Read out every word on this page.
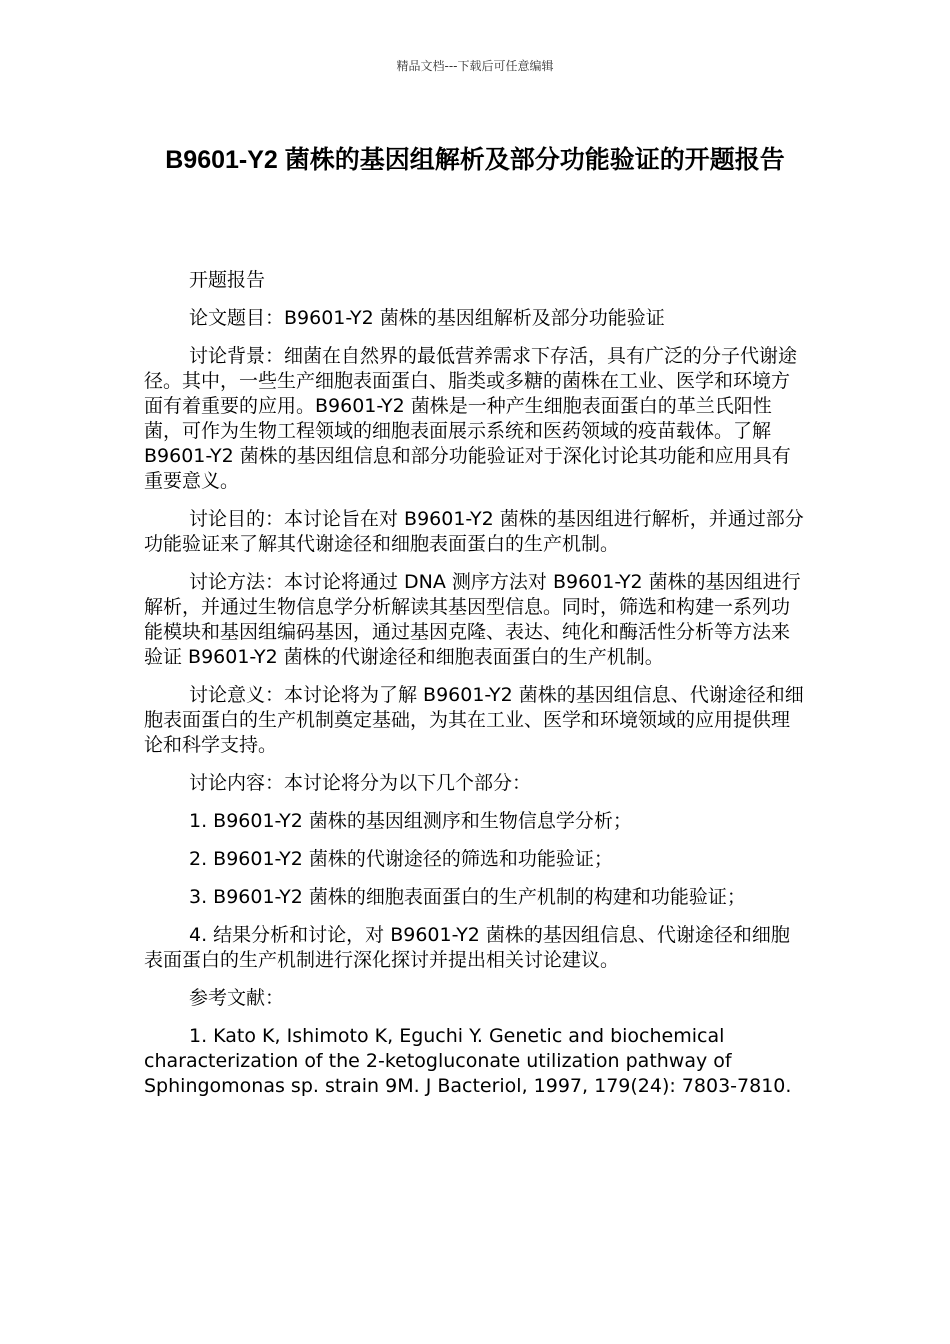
精品文档---下载后可任意编辑
B9601-Y2 菌株的基因组解析及部分功能验证的开题报告

开题报告

论文题目：B9601-Y2 菌株的基因组解析及部分功能验证

讨论背景：细菌在自然界的最低营养需求下存活，具有广泛的分子代谢途径。其中，一些生产细胞表面蛋白、脂类或多糖的菌株在工业、医学和环境方面有着重要的应用。B9601-Y2 菌株是一种产生细胞表面蛋白的革兰氏阳性菌，可作为生物工程领域的细胞表面展示系统和医药领域的疫苗载体。了解 B9601-Y2 菌株的基因组信息和部分功能验证对于深化讨论其功能和应用具有重要意义。

讨论目的：本讨论旨在对 B9601-Y2 菌株的基因组进行解析，并通过部分功能验证来了解其代谢途径和细胞表面蛋白的生产机制。

讨论方法：本讨论将通过 DNA 测序方法对 B9601-Y2 菌株的基因组进行解析，并通过生物信息学分析解读其基因型信息。同时，筛选和构建一系列功能模块和基因组编码基因，通过基因克隆、表达、纯化和酶活性分析等方法来验证 B9601-Y2 菌株的代谢途径和细胞表面蛋白的生产机制。

讨论意义：本讨论将为了解 B9601-Y2 菌株的基因组信息、代谢途径和细胞表面蛋白的生产机制奠定基础，为其在工业、医学和环境领域的应用提供理论和科学支持。

讨论内容：本讨论将分为以下几个部分：

1. B9601-Y2 菌株的基因组测序和生物信息学分析；

2. B9601-Y2 菌株的代谢途径的筛选和功能验证；

3. B9601-Y2 菌株的细胞表面蛋白的生产机制的构建和功能验证；

4. 结果分析和讨论，对 B9601-Y2 菌株的基因组信息、代谢途径和细胞表面蛋白的生产机制进行深化探讨并提出相关讨论建议。

参考文献：

1. Kato K, Ishimoto K, Eguchi Y. Genetic and biochemical characterization of the 2-ketogluconate utilization pathway of Sphingomonas sp. strain 9M. J Bacteriol, 1997, 179(24): 7803-7810.
